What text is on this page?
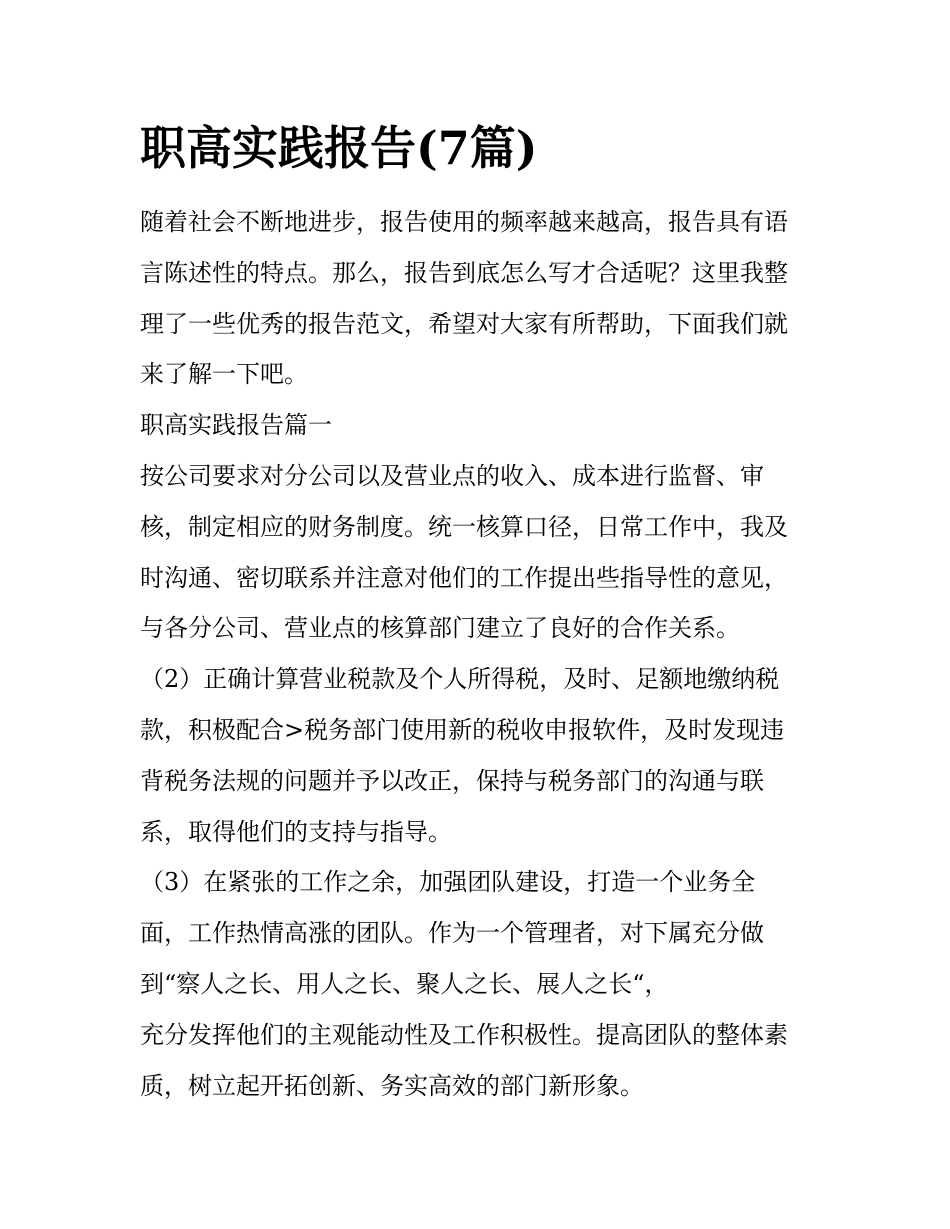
职高实践报告(7篇)

随着社会不断地进步，报告使用的频率越来越高，报告具有语

言陈述性的特点。那么，报告到底怎么写才合适呢？这里我整

理了一些优秀的报告范文，希望对大家有所帮助，下面我们就

来了解一下吧。

职高实践报告篇一

按公司要求对分公司以及营业点的收入、成本进行监督、审

核，制定相应的财务制度。统一核算口径，日常工作中，我及

时沟通、密切联系并注意对他们的工作提出些指导性的意见，

与各分公司、营业点的核算部门建立了良好的合作关系。

（2）正确计算营业税款及个人所得税，及时、足额地缴纳税

款，积极配合>税务部门使用新的税收申报软件，及时发现违

背税务法规的问题并予以改正，保持与税务部门的沟通与联

系，取得他们的支持与指导。

（3）在紧张的工作之余，加强团队建设，打造一个业务全

面，工作热情高涨的团队。作为一个管理者，对下属充分做

到“察人之长、用人之长、聚人之长、展人之长“，

充分发挥他们的主观能动性及工作积极性。提高团队的整体素

质，树立起开拓创新、务实高效的部门新形象。
